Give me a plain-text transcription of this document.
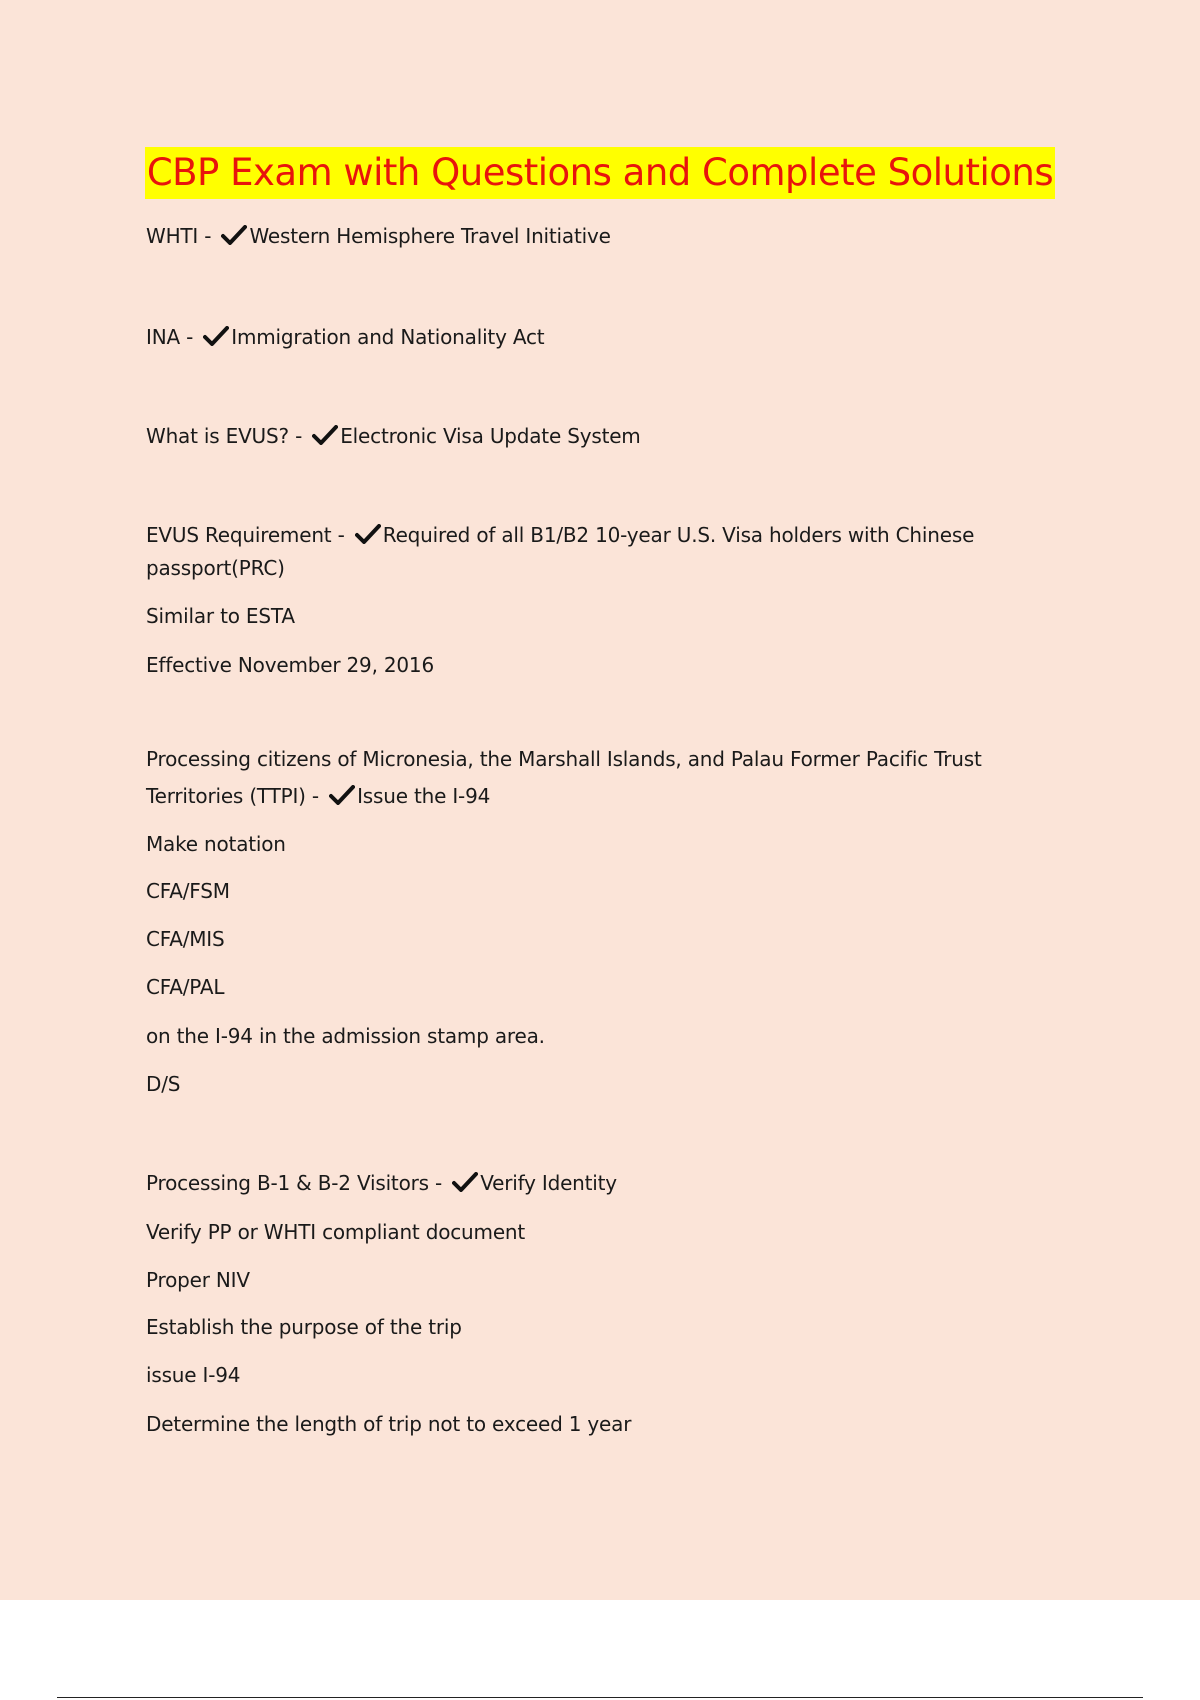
CBP Exam with Questions and Complete Solutions
WHTI - Western Hemisphere Travel Initiative
INA - Immigration and Nationality Act
What is EVUS? - Electronic Visa Update System
EVUS Requirement - Required of all B1/B2 10-year U.S. Visa holders with Chinese
passport(PRC)
Similar to ESTA
Effective November 29, 2016
Processing citizens of Micronesia, the Marshall Islands, and Palau Former Pacific Trust
Territories (TTPI) - Issue the I-94
Make notation
CFA/FSM
CFA/MIS
CFA/PAL
on the I-94 in the admission stamp area.
D/S
Processing B-1 & B-2 Visitors - Verify Identity
Verify PP or WHTI compliant document
Proper NIV
Establish the purpose of the trip
issue I-94
Determine the length of trip not to exceed 1 year
